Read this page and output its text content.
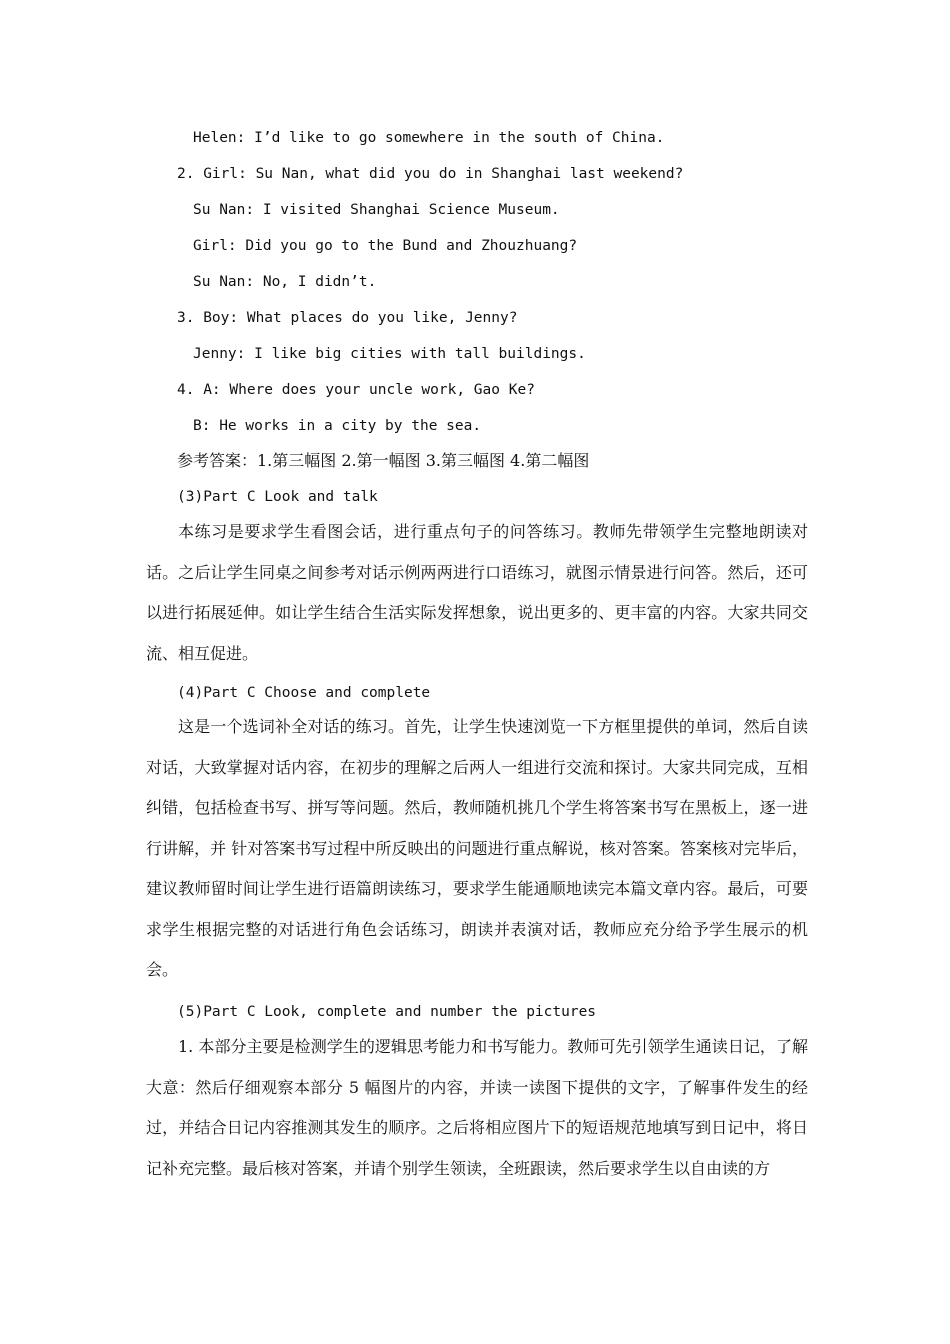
Helen: I’d like to go somewhere in the south of China.
2. Girl: Su Nan, what did you do in Shanghai last weekend?
Su Nan: I visited Shanghai Science Museum.
Girl: Did you go to the Bund and Zhouzhuang?
Su Nan: No, I didn’t.
3. Boy: What places do you like, Jenny?
Jenny: I like big cities with tall buildings.
4. A: Where does your uncle work, Gao Ke?
B: He works in a city by the sea.
参考答案：1.第三幅图 2.第一幅图 3.第三幅图 4.第二幅图
(3)Part C Look and talk
本练习是要求学生看图会话，进行重点句子的问答练习。教师先带领学生完整地朗读对话。之后让学生同桌之间参考对话示例两两进行口语练习，就图示情景进行问答。然后，还可以进行拓展延伸。如让学生结合生活实际发挥想象，说出更多的、更丰富的内容。大家共同交流、相互促进。
(4)Part C Choose and complete
这是一个选词补全对话的练习。首先，让学生快速浏览一下方框里提供的单词，然后自读对话，大致掌握对话内容，在初步的理解之后两人一组进行交流和探讨。大家共同完成，互相纠错，包括检查书写、拼写等问题。然后，教师随机挑几个学生将答案书写在黑板上，逐一进行讲解，并 针对答案书写过程中所反映出的问题进行重点解说，核对答案。答案核对完毕后，建议教师留时间让学生进行语篇朗读练习，要求学生能通顺地读完本篇文章内容。最后，可要求学生根据完整的对话进行角色会话练习，朗读并表演对话，教师应充分给予学生展示的机会。
(5)Part C Look, complete and number the pictures
1. 本部分主要是检测学生的逻辑思考能力和书写能力。教师可先引领学生通读日记，了解大意：然后仔细观察本部分 5 幅图片的内容，并读一读图下提供的文字，了解事件发生的经过，并结合日记内容推测其发生的顺序。之后将相应图片下的短语规范地填写到日记中，将日记补充完整。最后核对答案，并请个别学生领读，全班跟读，然后要求学生以自由读的方
